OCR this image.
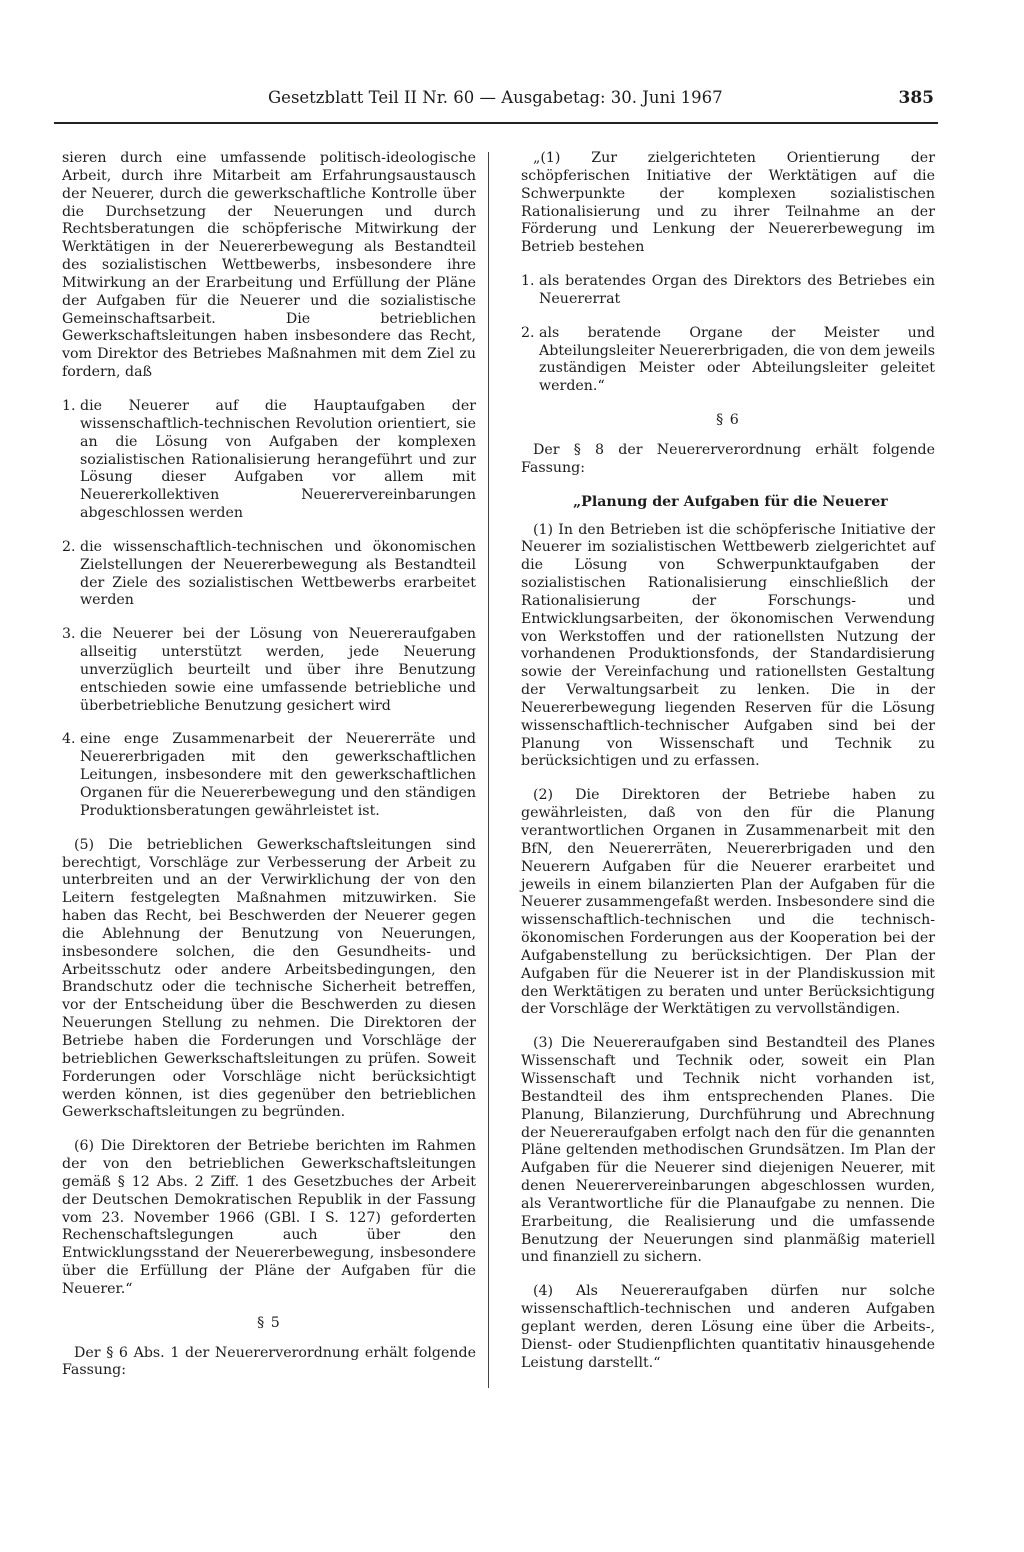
Gesetzblatt Teil II Nr. 60 — Ausgabetag: 30. Juni 1967	385

sieren durch eine umfassende politisch-ideologische Arbeit, durch ihre Mitarbeit am Erfahrungsaustausch der Neuerer, durch die gewerkschaftliche Kontrolle über die Durchsetzung der Neuerungen und durch Rechtsberatungen die schöpferische Mitwirkung der Werktätigen in der Neuererbewegung als Bestandteil des sozialistischen Wettbewerbs, insbesondere ihre Mitwirkung an der Erarbeitung und Erfüllung der Pläne der Aufgaben für die Neuerer und die sozialistische Gemeinschaftsarbeit. Die betrieblichen Gewerkschaftsleitungen haben insbesondere das Recht, vom Direktor des Betriebes Maßnahmen mit dem Ziel zu fordern, daß

1. die Neuerer auf die Hauptaufgaben der wissenschaftlich-technischen Revolution orientiert, sie an die Lösung von Aufgaben der komplexen sozialistischen Rationalisierung herangeführt und zur Lösung dieser Aufgaben vor allem mit Neuererkollektiven Neuerervereinbarungen abgeschlossen werden
2. die wissenschaftlich-technischen und ökonomischen Zielstellungen der Neuererbewegung als Bestandteil der Ziele des sozialistischen Wettbewerbs erarbeitet werden
3. die Neuerer bei der Lösung von Neuereraufgaben allseitig unterstützt werden, jede Neuerung unverzüglich beurteilt und über ihre Benutzung entschieden sowie eine umfassende betriebliche und überbetriebliche Benutzung gesichert wird
4. eine enge Zusammenarbeit der Neuererräte und Neuererbrigaden mit den gewerkschaftlichen Leitungen, insbesondere mit den gewerkschaftlichen Organen für die Neuererbewegung und den ständigen Produktionsberatungen gewährleistet ist.

(5) Die betrieblichen Gewerkschaftsleitungen sind berechtigt, Vorschläge zur Verbesserung der Arbeit zu unterbreiten und an der Verwirklichung der von den Leitern festgelegten Maßnahmen mitzuwirken. Sie haben das Recht, bei Beschwerden der Neuerer gegen die Ablehnung der Benutzung von Neuerungen, insbesondere solchen, die den Gesundheits- und Arbeitsschutz oder andere Arbeitsbedingungen, den Brandschutz oder die technische Sicherheit betreffen, vor der Entscheidung über die Beschwerden zu diesen Neuerungen Stellung zu nehmen. Die Direktoren der Betriebe haben die Forderungen und Vorschläge der betrieblichen Gewerkschaftsleitungen zu prüfen. Soweit Forderungen oder Vorschläge nicht berücksichtigt werden können, ist dies gegenüber den betrieblichen Gewerkschaftsleitungen zu begründen.

(6) Die Direktoren der Betriebe berichten im Rahmen der von den betrieblichen Gewerkschaftsleitungen gemäß § 12 Abs. 2 Ziff. 1 des Gesetzbuches der Arbeit der Deutschen Demokratischen Republik in der Fassung vom 23. November 1966 (GBl. I S. 127) geforderten Rechenschaftslegungen auch über den Entwicklungsstand der Neuererbewegung, insbesondere über die Erfüllung der Pläne der Aufgaben für die Neuerer.“

§ 5

Der § 6 Abs. 1 der Neuererverordnung erhält folgende Fassung:

„(1) Zur zielgerichteten Orientierung der schöpferischen Initiative der Werktätigen auf die Schwerpunkte der komplexen sozialistischen Rationalisierung und zu ihrer Teilnahme an der Förderung und Lenkung der Neuererbewegung im Betrieb bestehen

1. als beratendes Organ des Direktors des Betriebes ein Neuererrat
2. als beratende Organe der Meister und Abteilungsleiter Neuererbrigaden, die von dem jeweils zuständigen Meister oder Abteilungsleiter geleitet werden.“
§ 6

Der § 8 der Neuererverordnung erhält folgende Fassung:

„Planung der Aufgaben für die Neuerer

(1) In den Betrieben ist die schöpferische Initiative der Neuerer im sozialistischen Wettbewerb zielgerichtet auf die Lösung von Schwerpunktaufgaben der sozialistischen Rationalisierung einschließlich der Rationalisierung der Forschungs- und Entwicklungsarbeiten, der ökonomischen Verwendung von Werkstoffen und der rationellsten Nutzung der vorhandenen Produktionsfonds, der Standardisierung sowie der Vereinfachung und rationellsten Gestaltung der Verwaltungsarbeit zu lenken. Die in der Neuererbewegung liegenden Reserven für die Lösung wissenschaftlich-technischer Aufgaben sind bei der Planung von Wissenschaft und Technik zu berücksichtigen und zu erfassen.

(2) Die Direktoren der Betriebe haben zu gewährleisten, daß von den für die Planung verantwortlichen Organen in Zusammenarbeit mit den BfN, den Neuererräten, Neuererbrigaden und den Neuerern Aufgaben für die Neuerer erarbeitet und jeweils in einem bilanzierten Plan der Aufgaben für die Neuerer zusammengefaßt werden. Insbesondere sind die wissenschaftlich-technischen und die technisch-ökonomischen Forderungen aus der Kooperation bei der Aufgabenstellung zu berücksichtigen. Der Plan der Aufgaben für die Neuerer ist in der Plandiskussion mit den Werktätigen zu beraten und unter Berücksichtigung der Vorschläge der Werktätigen zu vervollständigen.

(3) Die Neuereraufgaben sind Bestandteil des Planes Wissenschaft und Technik oder, soweit ein Plan Wissenschaft und Technik nicht vorhanden ist, Bestandteil des ihm entsprechenden Planes. Die Planung, Bilanzierung, Durchführung und Abrechnung der Neuereraufgaben erfolgt nach den für die genannten Pläne geltenden methodischen Grundsätzen. Im Plan der Aufgaben für die Neuerer sind diejenigen Neuerer, mit denen Neuerervereinbarungen abgeschlossen wurden, als Verantwortliche für die Planaufgabe zu nennen. Die Erarbeitung, die Realisierung und die umfassende Benutzung der Neuerungen sind planmäßig materiell und finanziell zu sichern.

(4) Als Neuereraufgaben dürfen nur solche wissenschaftlich-technischen und anderen Aufgaben geplant werden, deren Lösung eine über die Arbeits-, Dienst- oder Studienpflichten quantitativ hinausgehende Leistung darstellt.“
